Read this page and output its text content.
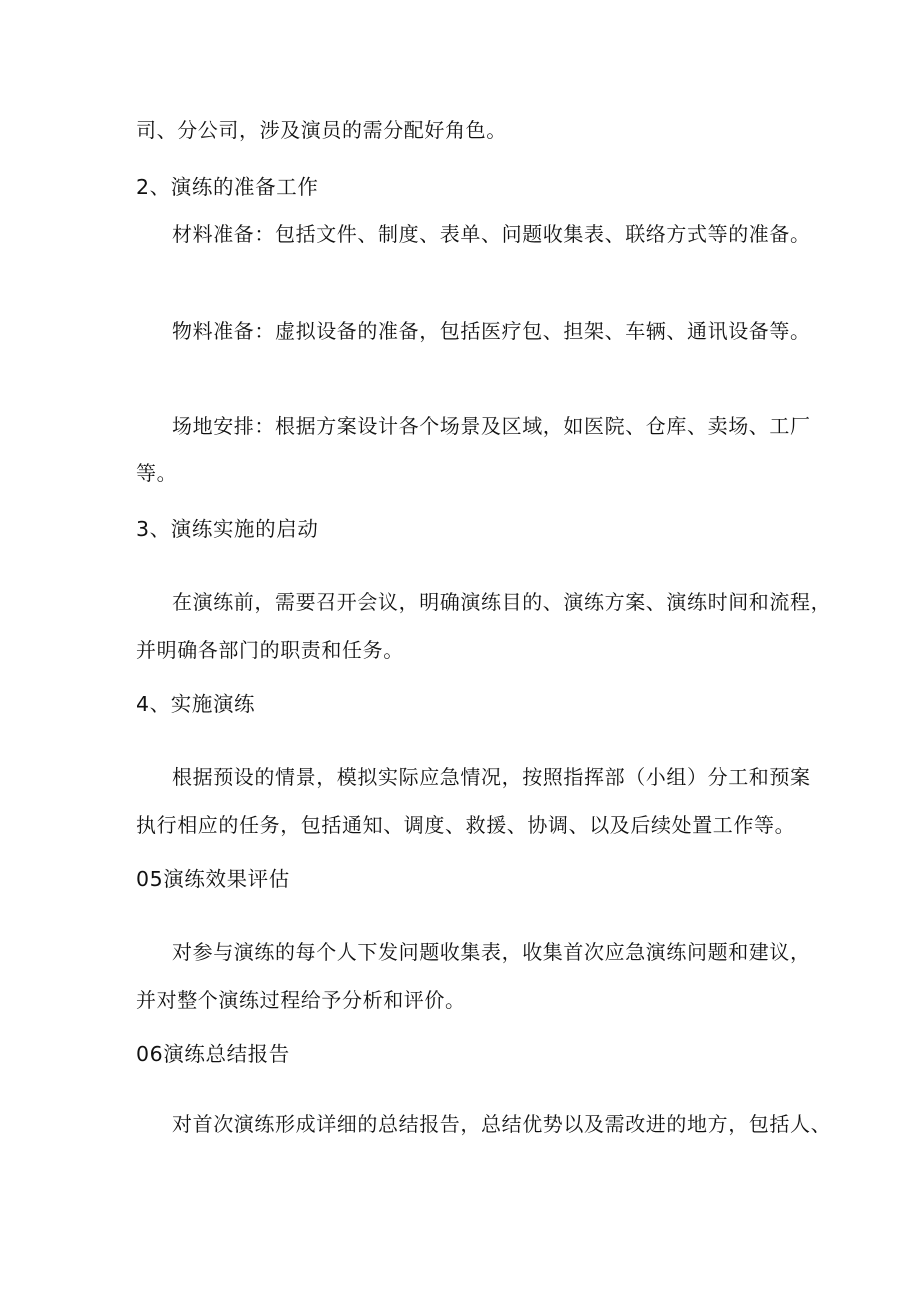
司、分公司，涉及演员的需分配好角色。
2、演练的准备工作
材料准备：包括文件、制度、表单、问题收集表、联络方式等的准备。
物料准备：虚拟设备的准备，包括医疗包、担架、车辆、通讯设备等。
场地安排：根据方案设计各个场景及区域，如医院、仓库、卖场、工厂
等。
3、演练实施的启动
在演练前，需要召开会议，明确演练目的、演练方案、演练时间和流程，
并明确各部门的职责和任务。
4、实施演练
根据预设的情景，模拟实际应急情况，按照指挥部（小组）分工和预案
执行相应的任务，包括通知、调度、救援、协调、以及后续处置工作等。
05演练效果评估
对参与演练的每个人下发问题收集表，收集首次应急演练问题和建议，
并对整个演练过程给予分析和评价。
06演练总结报告
对首次演练形成详细的总结报告，总结优势以及需改进的地方，包括人、
